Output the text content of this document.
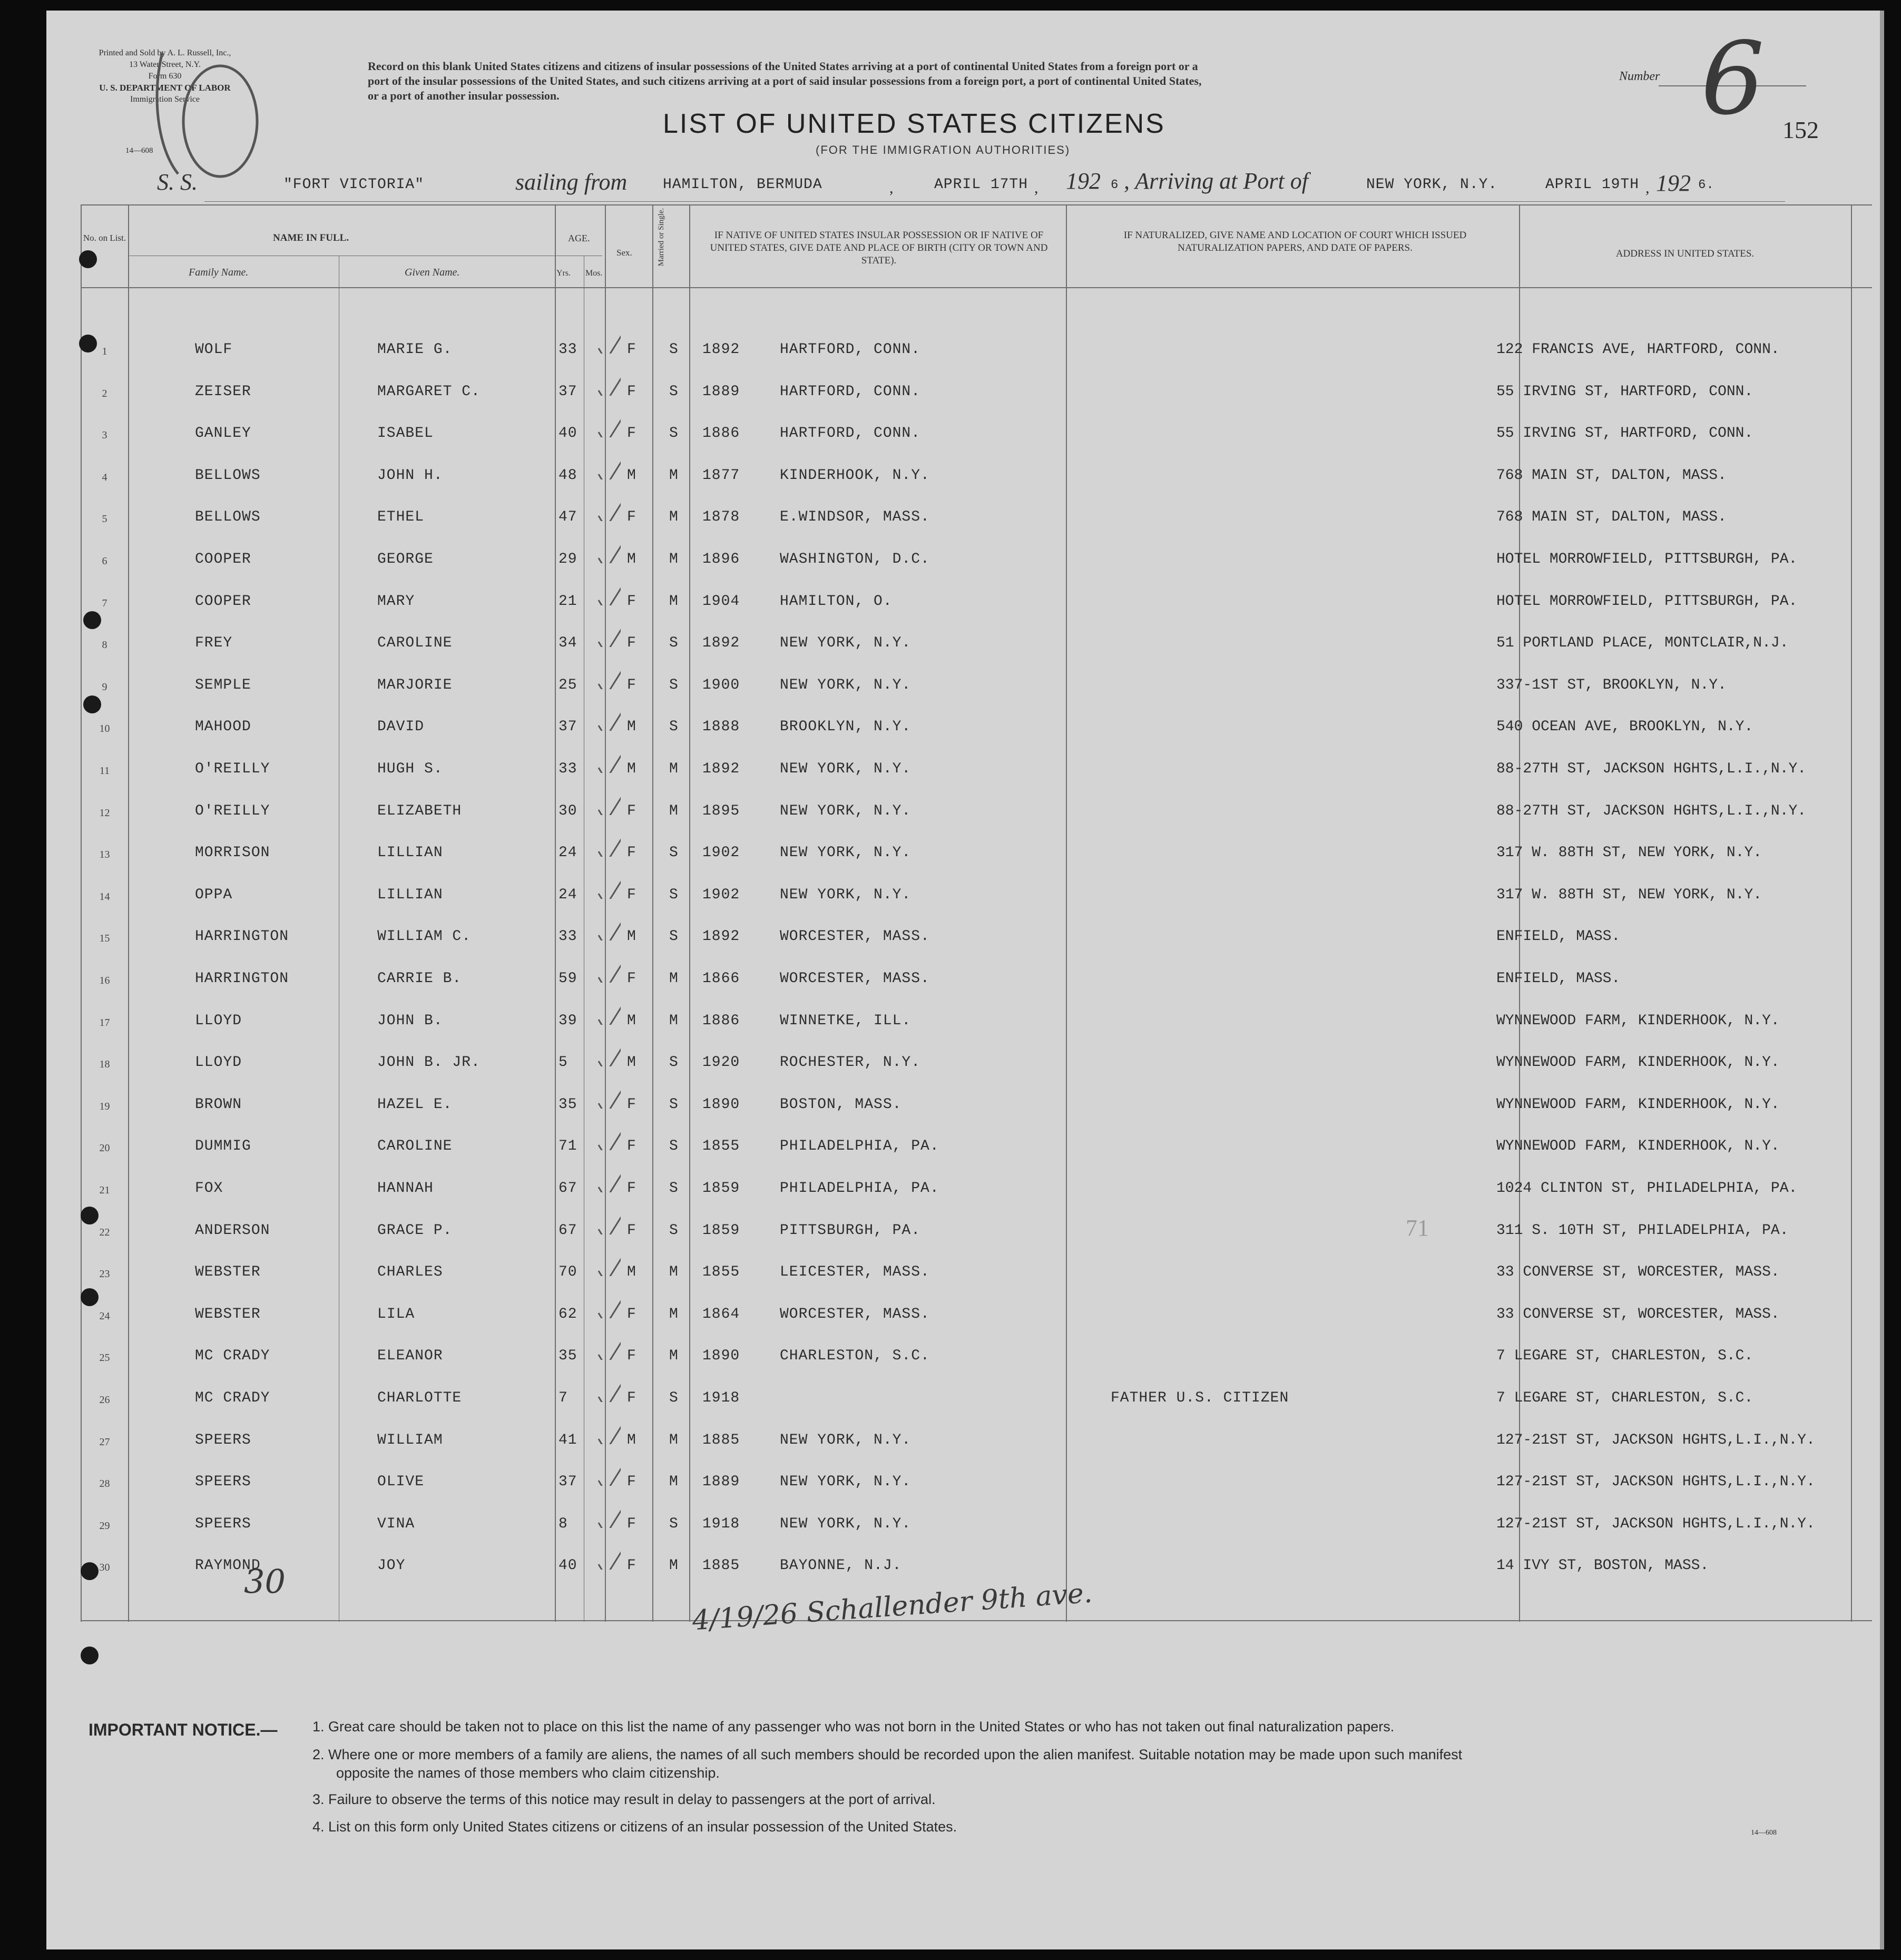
Printed and Sold by A. L. Russell, Inc.,
13 Water Street, N.Y.
Form 630
U. S. DEPARTMENT OF LABOR
Immigration Service
14—608
Record on this blank United States citizens and citizens of insular possessions of the United States arriving at a port of continental United States from a foreign port or a
port of the insular possessions of the United States, and such citizens arriving at a port of said insular possessions from a foreign port, a port of continental United States,
or a port of another insular possession.
Number 6 152
LIST OF UNITED STATES CITIZENS
(FOR THE IMMIGRATION AUTHORITIES)
S. S.	"FORT VICTORIA"	sailing from HAMILTON, BERMUDA	,	APRIL 17TH , 192 6 , Arriving at Port of	NEW YORK, N.Y.	APRIL 19TH , 192 6.
No. on List.	NAME IN FULL.
Family Name.	Given Name.
AGE.
Yrs. Mos.
Sex.	Married or Single.	IF NATIVE OF UNITED STATES INSULAR POSSESSION OR IF NATIVE OF UNITED STATES, GIVE DATE AND PLACE OF BIRTH (CITY OR TOWN AND STATE).
IF NATURALIZED, GIVE NAME AND LOCATION OF COURT WHICH ISSUED NATURALIZATION PAPERS, AND DATE OF PAPERS.
ADDRESS IN UNITED STATES.
1	WOLF	MARIE G.	33	F	S	1892	HARTFORD, CONN.	122 FRANCIS AVE, HARTFORD, CONN.
2	ZEISER	MARGARET C.	37	F	S	1889	HARTFORD, CONN.	55 IRVING ST, HARTFORD, CONN.
3	GANLEY	ISABEL	40	F	S	1886	HARTFORD, CONN.	55 IRVING ST, HARTFORD, CONN.
4	BELLOWS	JOHN H.	48	M	M	1877	KINDERHOOK, N.Y.	768 MAIN ST, DALTON, MASS.
5	BELLOWS	ETHEL	47	F	M	1878	E.WINDSOR, MASS.	768 MAIN ST, DALTON, MASS.
6	COOPER	GEORGE	29	M	M	1896	WASHINGTON, D.C.	HOTEL MORROWFIELD, PITTSBURGH, PA.
7	COOPER	MARY	21	F	M	1904	HAMILTON, O.	HOTEL MORROWFIELD, PITTSBURGH, PA.
8	FREY	CAROLINE	34	F	S	1892	NEW YORK, N.Y.	51 PORTLAND PLACE, MONTCLAIR,N.J.
9	SEMPLE	MARJORIE	25	F	S	1900	NEW YORK, N.Y.	337-1ST ST, BROOKLYN, N.Y.
10	MAHOOD	DAVID	37	M	S	1888	BROOKLYN, N.Y.	540 OCEAN AVE, BROOKLYN, N.Y.
11	O'REILLY	HUGH S.	33	M	M	1892	NEW YORK, N.Y.	88-27TH ST, JACKSON HGHTS,L.I.,N.Y.
12	O'REILLY	ELIZABETH	30	F	M	1895	NEW YORK, N.Y.	88-27TH ST, JACKSON HGHTS,L.I.,N.Y.
13	MORRISON	LILLIAN	24	F	S	1902	NEW YORK, N.Y.	317 W. 88TH ST, NEW YORK, N.Y.
14	OPPA	LILLIAN	24	F	S	1902	NEW YORK, N.Y.	317 W. 88TH ST, NEW YORK, N.Y.
15	HARRINGTON	WILLIAM C.	33	M	S	1892	WORCESTER, MASS.	ENFIELD, MASS.
16	HARRINGTON	CARRIE B.	59	F	M	1866	WORCESTER, MASS.	ENFIELD, MASS.
17	LLOYD	JOHN B.	39	M	M	1886	WINNETKE, ILL.	WYNNEWOOD FARM, KINDERHOOK, N.Y.
18	LLOYD	JOHN B. JR.	5	M	S	1920	ROCHESTER, N.Y.	WYNNEWOOD FARM, KINDERHOOK, N.Y.
19	BROWN	HAZEL E.	35	F	S	1890	BOSTON, MASS.	WYNNEWOOD FARM, KINDERHOOK, N.Y.
20	DUMMIG	CAROLINE	71	F	S	1855	PHILADELPHIA, PA.	WYNNEWOOD FARM, KINDERHOOK, N.Y.
21	FOX	HANNAH	67	F	S	1859	PHILADELPHIA, PA.	1024 CLINTON ST, PHILADELPHIA, PA.
22	ANDERSON	GRACE P.	67	F	S	1859	PITTSBURGH, PA.	311 S. 10TH ST, PHILADELPHIA, PA.
23	WEBSTER	CHARLES	70	M	M	1855	LEICESTER, MASS.	33 CONVERSE ST, WORCESTER, MASS.
24	WEBSTER	LILA	62	F	M	1864	WORCESTER, MASS.	33 CONVERSE ST, WORCESTER, MASS.
25	MC CRADY	ELEANOR	35	F	M	1890	CHARLESTON, S.C.	7 LEGARE ST, CHARLESTON, S.C.
26	MC CRADY	CHARLOTTE	7	F	S	1918	FATHER U.S. CITIZEN	7 LEGARE ST, CHARLESTON, S.C.
27	SPEERS	WILLIAM	41	M	M	1885	NEW YORK, N.Y.	127-21ST ST, JACKSON HGHTS,L.I.,N.Y.
28	SPEERS	OLIVE	37	F	M	1889	NEW YORK, N.Y.	127-21ST ST, JACKSON HGHTS,L.I.,N.Y.
29	SPEERS	VINA	8	F	S	1918	NEW YORK, N.Y.	127-21ST ST, JACKSON HGHTS,L.I.,N.Y.
30	RAYMOND	JOY	40	F	M	1885	BAYONNE, N.J.	14 IVY ST, BOSTON, MASS.
30	4/19/26 Schallender 9th ave.
71
IMPORTANT NOTICE.— 1. Great care should be taken not to place on this list the name of any passenger who was not born in the United States or who has not taken out final naturalization papers.
2. Where one or more members of a family are aliens, the names of all such members should be recorded upon the alien manifest. Suitable notation may be made upon such manifest
opposite the names of those members who claim citizenship.
3. Failure to observe the terms of this notice may result in delay to passengers at the port of arrival.
4. List on this form only United States citizens or citizens of an insular possession of the United States.	14—608
